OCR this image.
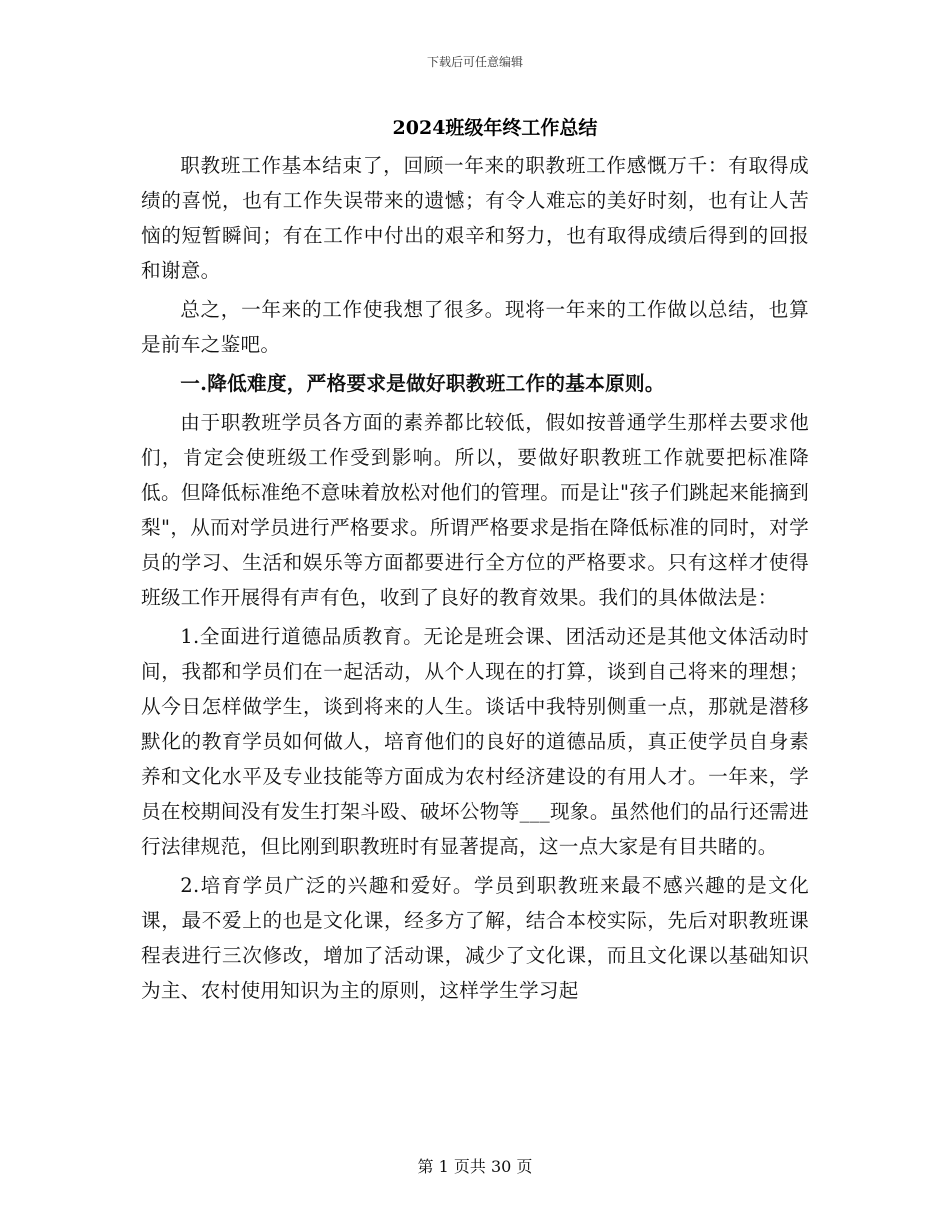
下载后可任意编辑
2024班级年终工作总结

职教班工作基本结束了，回顾一年来的职教班工作感慨万千：有取得成绩的喜悦，也有工作失误带来的遗憾；有令人难忘的美好时刻，也有让人苦恼的短暂瞬间；有在工作中付出的艰辛和努力，也有取得成绩后得到的回报和谢意。

总之，一年来的工作使我想了很多。现将一年来的工作做以总结，也算是前车之鉴吧。

一.降低难度，严格要求是做好职教班工作的基本原则。

由于职教班学员各方面的素养都比较低，假如按普通学生那样去要求他们，肯定会使班级工作受到影响。所以，要做好职教班工作就要把标准降低。但降低标准绝不意味着放松对他们的管理。而是让"孩子们跳起来能摘到梨"，从而对学员进行严格要求。所谓严格要求是指在降低标准的同时，对学员的学习、生活和娱乐等方面都要进行全方位的严格要求。只有这样才使得班级工作开展得有声有色，收到了良好的教育效果。我们的具体做法是：

1.全面进行道德品质教育。无论是班会课、团活动还是其他文体活动时间，我都和学员们在一起活动，从个人现在的打算，谈到自己将来的理想；从今日怎样做学生，谈到将来的人生。谈话中我特别侧重一点，那就是潜移默化的教育学员如何做人，培育他们的良好的道德品质，真正使学员自身素养和文化水平及专业技能等方面成为农村经济建设的有用人才。一年来，学员在校期间没有发生打架斗殴、破坏公物等___现象。虽然他们的品行还需进行法律规范，但比刚到职教班时有显著提高，这一点大家是有目共睹的。

2.培育学员广泛的兴趣和爱好。学员到职教班来最不感兴趣的是文化课，最不爱上的也是文化课，经多方了解，结合本校实际，先后对职教班课程表进行三次修改，增加了活动课，减少了文化课，而且文化课以基础知识为主、农村使用知识为主的原则，这样学生学习起

第 1 页共 30 页
